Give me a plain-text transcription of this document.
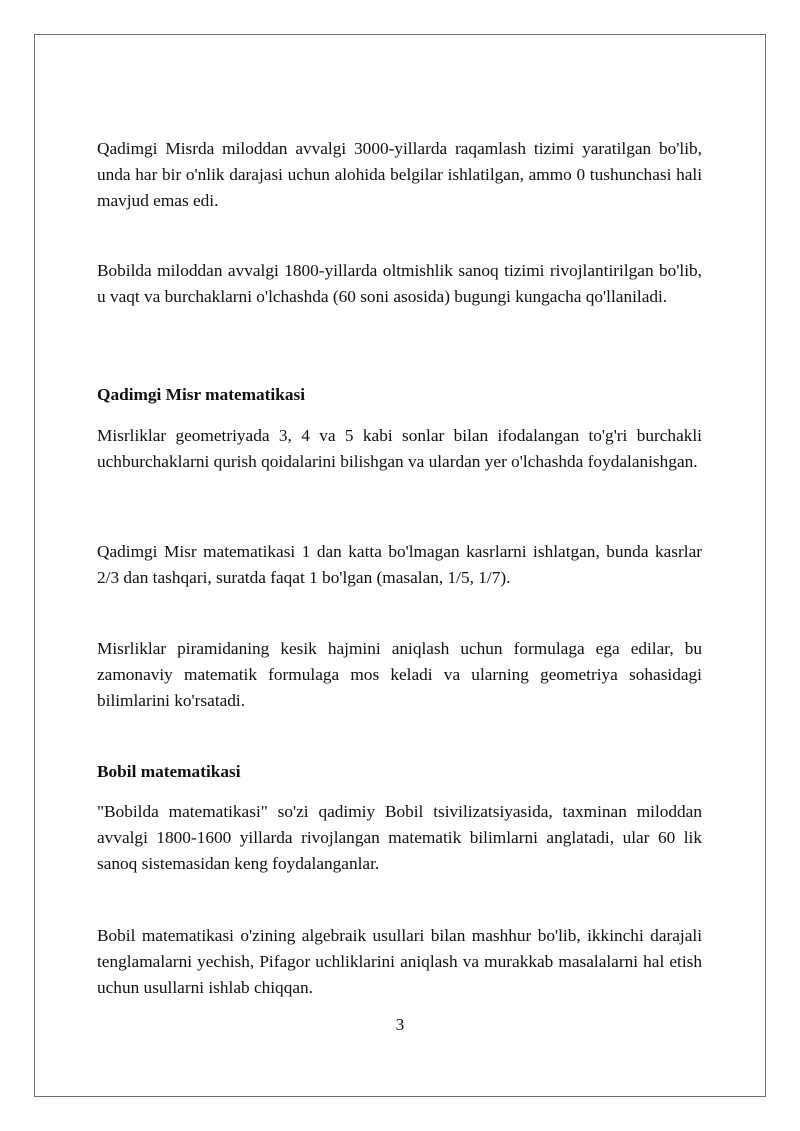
Qadimgi Misrda miloddan avvalgi 3000-yillarda raqamlash tizimi yaratilgan bo'lib, unda har bir o'nlik darajasi uchun alohida belgilar ishlatilgan, ammo 0 tushunchasi hali mavjud emas edi.

Bobilda miloddan avvalgi 1800-yillarda oltmishlik sanoq tizimi rivojlantirilgan bo'lib, u vaqt va burchaklarni o'lchashda (60 soni asosida) bugungi kungacha qo'llaniladi.

Qadimgi Misr matematikasi

Misrliklar geometriyada 3, 4 va 5 kabi sonlar bilan ifodalangan to'g'ri burchakli uchburchaklarni qurish qoidalarini bilishgan va ulardan yer o'lchashda foydalanishgan.

Qadimgi Misr matematikasi 1 dan katta bo'lmagan kasrlarni ishlatgan, bunda kasrlar 2/3 dan tashqari, suratda faqat 1 bo'lgan (masalan, 1/5, 1/7).

Misrliklar piramidaning kesik hajmini aniqlash uchun formulaga ega edilar, bu zamonaviy matematik formulaga mos keladi va ularning geometriya sohasidagi bilimlarini ko'rsatadi.

Bobil matematikasi

"Bobilda matematikasi" so'zi qadimiy Bobil tsivilizatsiyasida, taxminan miloddan avvalgi 1800-1600 yillarda rivojlangan matematik bilimlarni anglatadi, ular 60 lik sanoq sistemasidan keng foydalanganlar.

Bobil matematikasi o'zining algebraik usullari bilan mashhur bo'lib, ikkinchi darajali tenglamalarni yechish, Pifagor uchliklarini aniqlash va murakkab masalalarni hal etish uchun usullarni ishlab chiqqan.

3
